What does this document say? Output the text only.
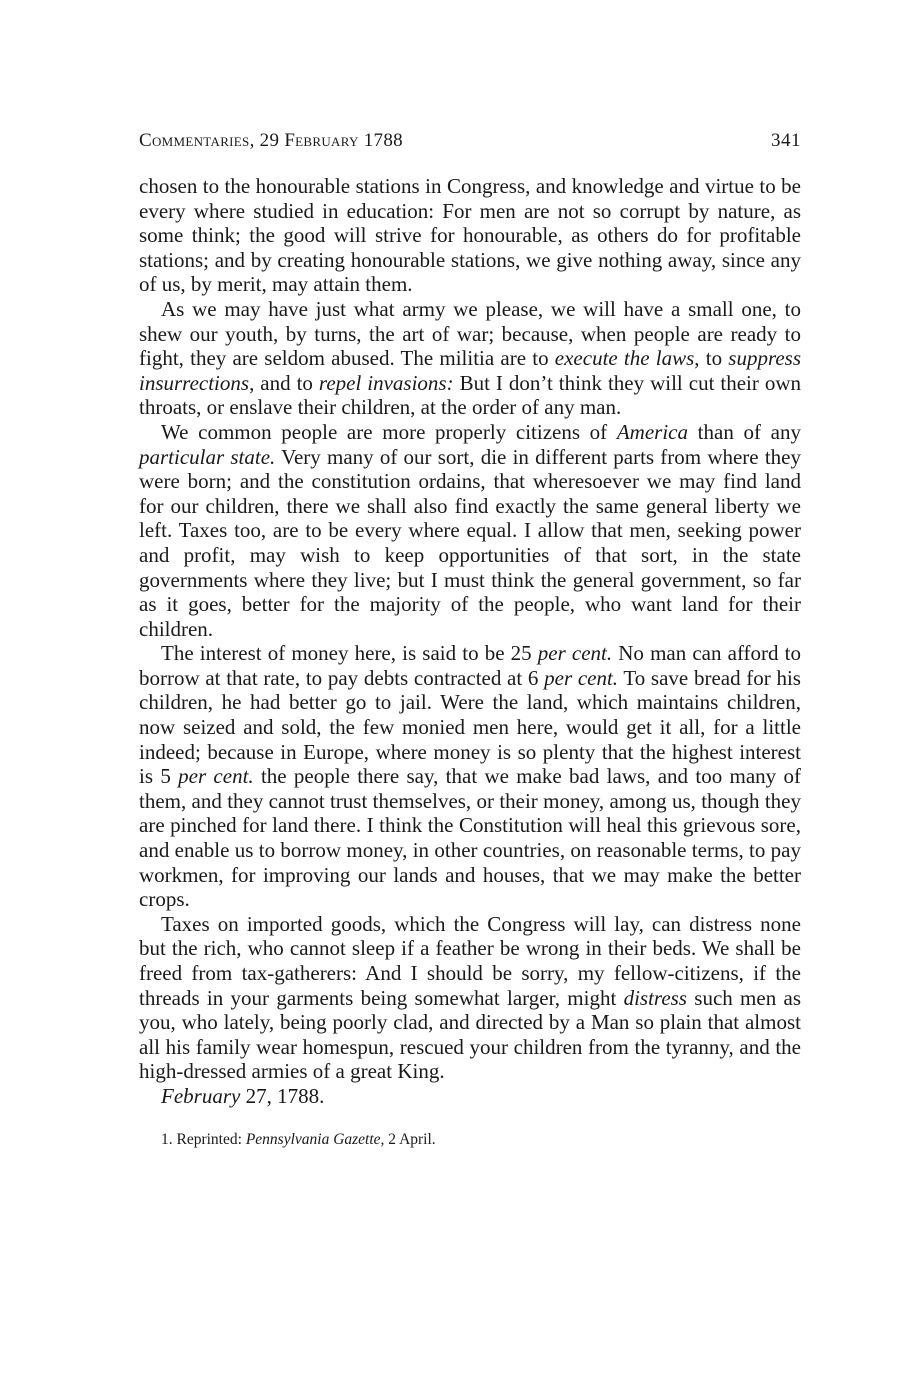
Commentaries, 29 February 1788	341

chosen to the honourable stations in Congress, and knowledge and virtue to be every where studied in education: For men are not so corrupt by nature, as some think; the good will strive for honourable, as others do for profitable stations; and by creating honourable stations, we give nothing away, since any of us, by merit, may attain them.

As we may have just what army we please, we will have a small one, to shew our youth, by turns, the art of war; because, when people are ready to fight, they are seldom abused. The militia are to execute the laws, to suppress insurrections, and to repel invasions: But I don’t think they will cut their own throats, or enslave their children, at the order of any man.

We common people are more properly citizens of America than of any particular state. Very many of our sort, die in different parts from where they were born; and the constitution ordains, that wheresoever we may find land for our children, there we shall also find exactly the same general liberty we left. Taxes too, are to be every where equal. I allow that men, seeking power and profit, may wish to keep opportunities of that sort, in the state governments where they live; but I must think the general government, so far as it goes, better for the majority of the people, who want land for their children.

The interest of money here, is said to be 25 per cent. No man can afford to borrow at that rate, to pay debts contracted at 6 per cent. To save bread for his children, he had better go to jail. Were the land, which maintains children, now seized and sold, the few monied men here, would get it all, for a little indeed; because in Europe, where money is so plenty that the highest interest is 5 per cent. the people there say, that we make bad laws, and too many of them, and they cannot trust themselves, or their money, among us, though they are pinched for land there. I think the Constitution will heal this grievous sore, and enable us to borrow money, in other countries, on reasonable terms, to pay workmen, for improving our lands and houses, that we may make the better crops.

Taxes on imported goods, which the Congress will lay, can distress none but the rich, who cannot sleep if a feather be wrong in their beds. We shall be freed from tax-gatherers: And I should be sorry, my fellow-citizens, if the threads in your garments being somewhat larger, might distress such men as you, who lately, being poorly clad, and directed by a Man so plain that almost all his family wear homespun, rescued your children from the tyranny, and the high-dressed armies of a great King.

February 27, 1788.

1. Reprinted: Pennsylvania Gazette, 2 April.
